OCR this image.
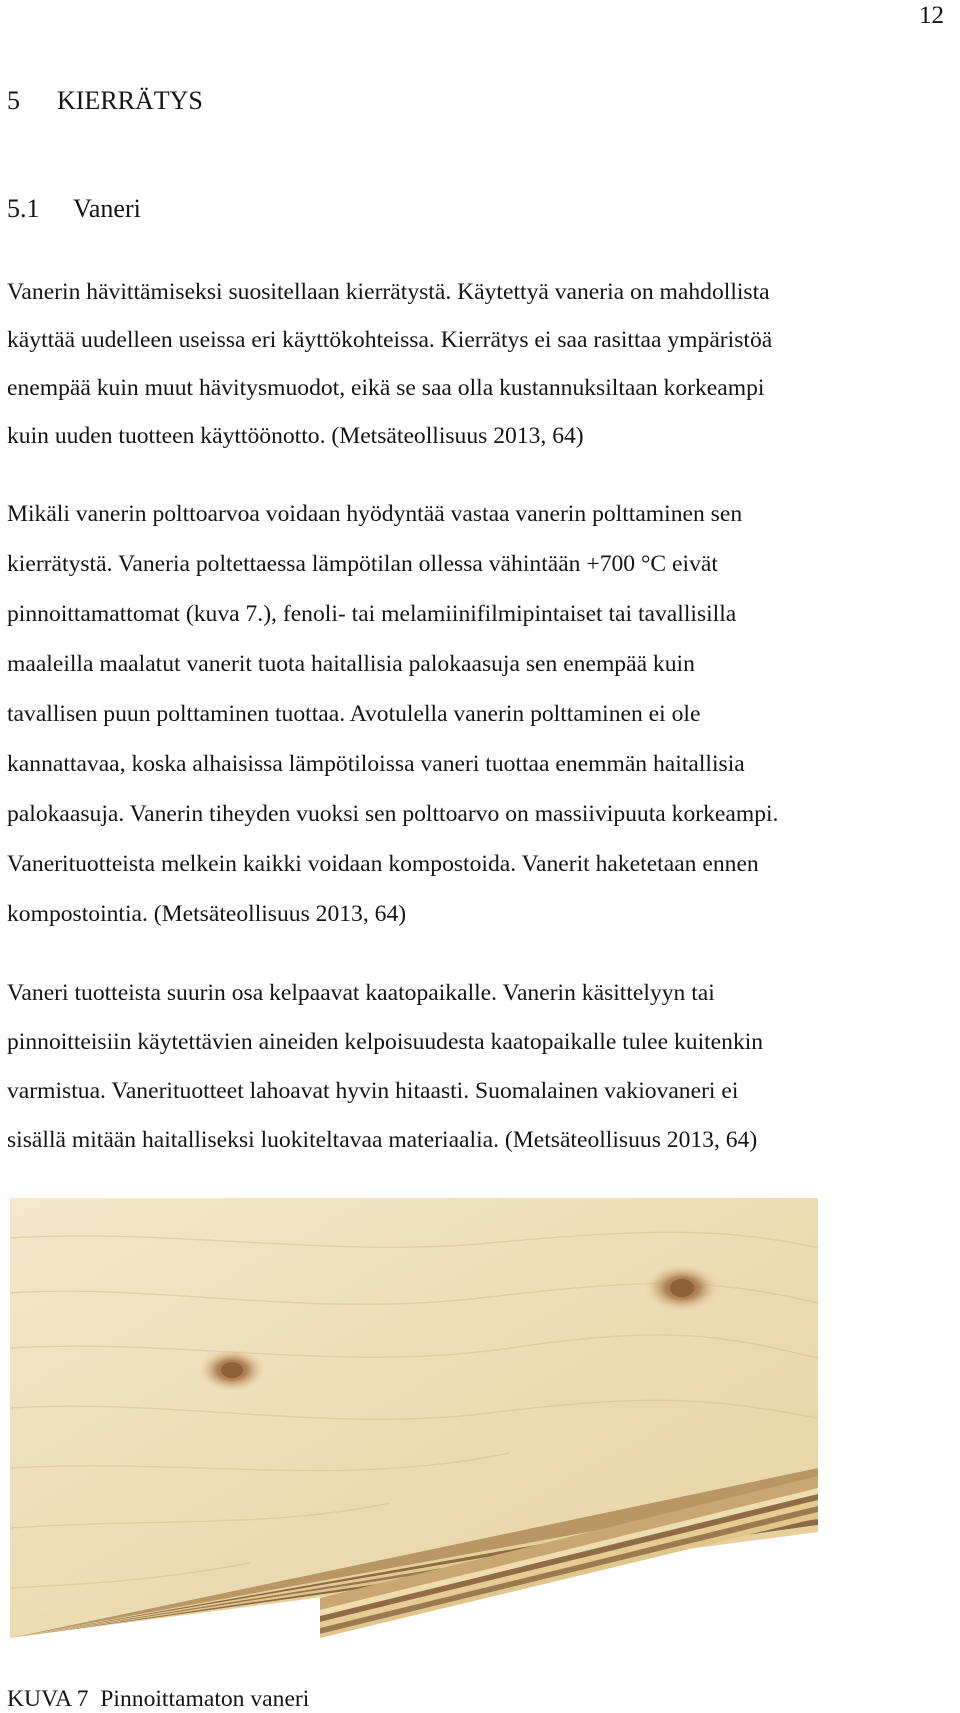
12
5 KIERRÄTYS
5.1 Vaneri
Vanerin hävittämiseksi suositellaan kierrätystä. Käytettyä vaneria on mahdollista
käyttää uudelleen useissa eri käyttökohteissa. Kierrätys ei saa rasittaa ympäristöä
enempää kuin muut hävitysmuodot, eikä se saa olla kustannuksiltaan korkeampi
kuin uuden tuotteen käyttöönotto. (Metsäteollisuus 2013, 64)
Mikäli vanerin polttoarvoa voidaan hyödyntää vastaa vanerin polttaminen sen
kierrätystä. Vaneria poltettaessa lämpötilan ollessa vähintään +700 °C eivät
pinnoittamattomat (kuva 7.), fenoli- tai melamiinifilmipintaiset tai tavallisilla
maaleilla maalatut vanerit tuota haitallisia palokaasuja sen enempää kuin
tavallisen puun polttaminen tuottaa. Avotulella vanerin polttaminen ei ole
kannattavaa, koska alhaisissa lämpötiloissa vaneri tuottaa enemmän haitallisia
palokaasuja. Vanerin tiheyden vuoksi sen polttoarvo on massiivipuuta korkeampi.
Vanerituotteista melkein kaikki voidaan kompostoida. Vanerit haketetaan ennen
kompostointia. (Metsäteollisuus 2013, 64)
Vaneri tuotteista suurin osa kelpaavat kaatopaikalle. Vanerin käsittelyyn tai
pinnoitteisiin käytettävien aineiden kelpoisuudesta kaatopaikalle tulee kuitenkin
varmistua. Vanerituotteet lahoavat hyvin hitaasti. Suomalainen vakiovaneri ei
sisällä mitään haitalliseksi luokiteltavaa materiaalia. (Metsäteollisuus 2013, 64)
KUVA 7  Pinnoittamaton vaneri
